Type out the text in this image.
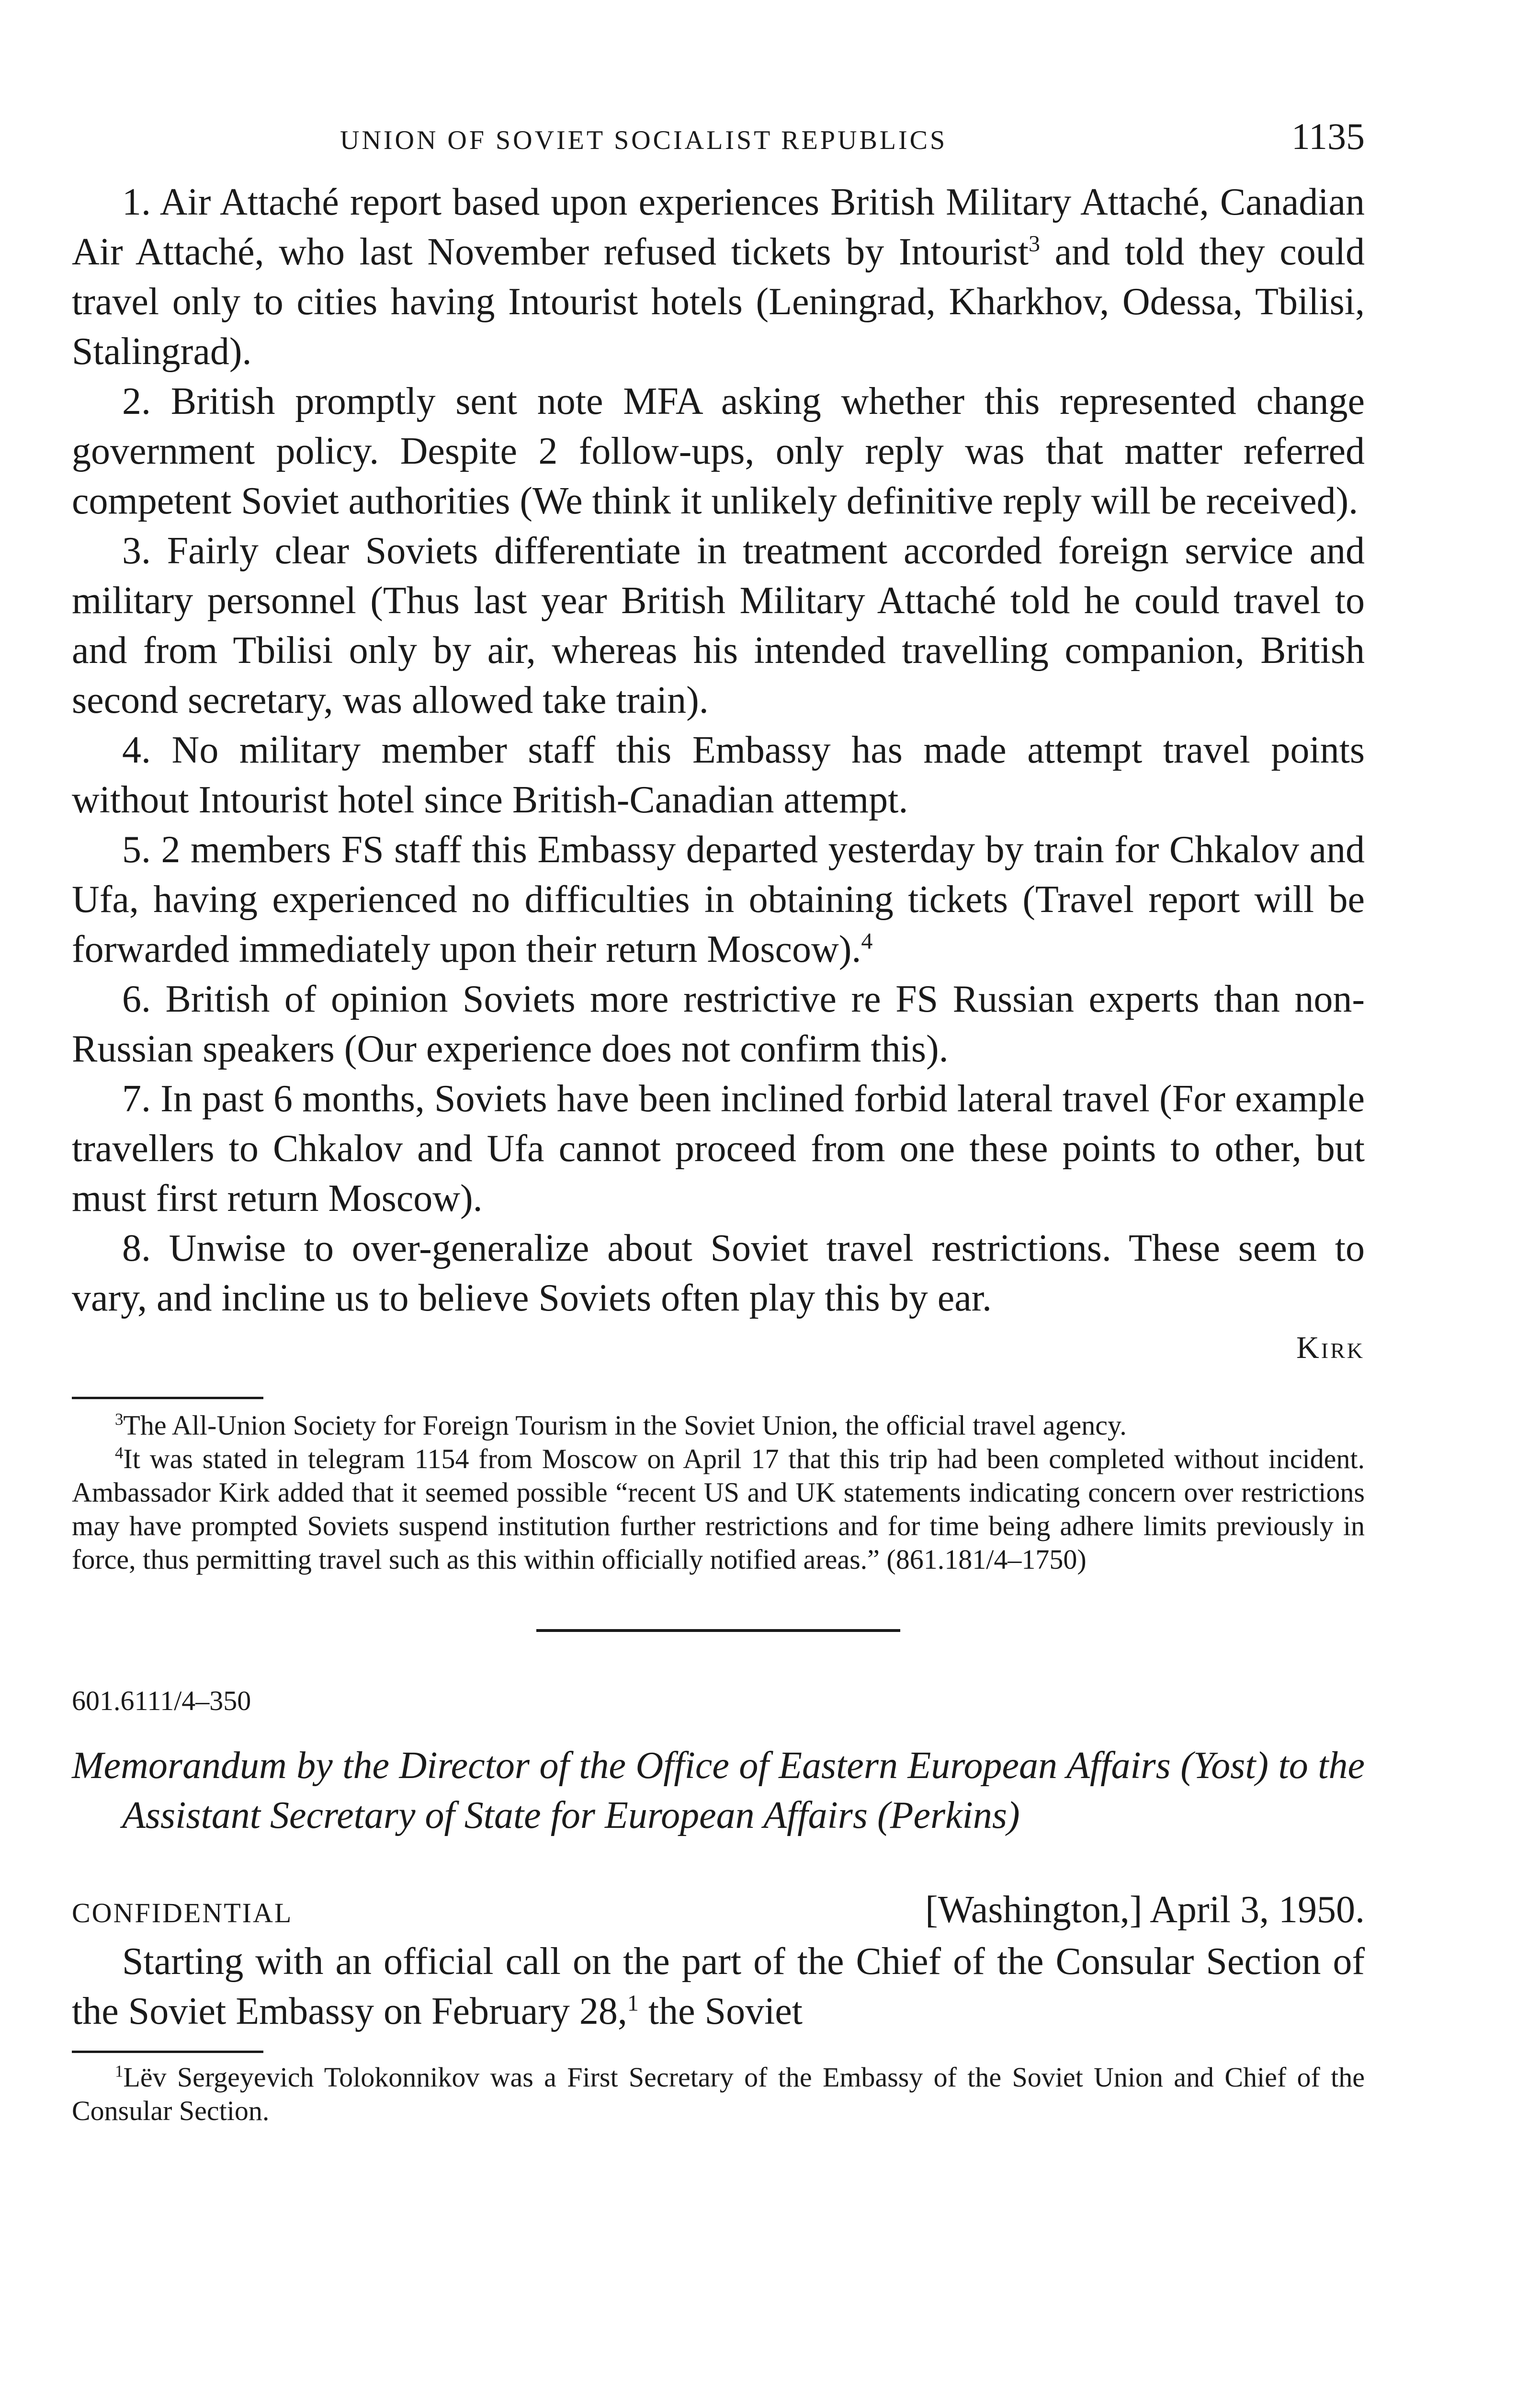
UNION OF SOVIET SOCIALIST REPUBLICS	1135

1. Air Attaché report based upon experiences British Military Attaché, Canadian Air Attaché, who last November refused tickets by Intourist$^3$ and told they could travel only to cities having Intourist hotels (Leningrad, Kharkhov, Odessa, Tbilisi, Stalingrad).

2. British promptly sent note MFA asking whether this represented change government policy. Despite 2 follow-ups, only reply was that matter referred competent Soviet authorities (We think it unlikely definitive reply will be received).

3. Fairly clear Soviets differentiate in treatment accorded foreign service and military personnel (Thus last year British Military Attaché told he could travel to and from Tbilisi only by air, whereas his intended travelling companion, British second secretary, was allowed take train).

4. No military member staff this Embassy has made attempt travel points without Intourist hotel since British-Canadian attempt.

5. 2 members FS staff this Embassy departed yesterday by train for Chkalov and Ufa, having experienced no difficulties in obtaining tickets (Travel report will be forwarded immediately upon their return Moscow).$^4$

6. British of opinion Soviets more restrictive re FS Russian experts than non-Russian speakers (Our experience does not confirm this).

7. In past 6 months, Soviets have been inclined forbid lateral travel (For example travellers to Chkalov and Ufa cannot proceed from one these points to other, but must first return Moscow).

8. Unwise to over-generalize about Soviet travel restrictions. These seem to vary, and incline us to believe Soviets often play this by ear.

Kirk

$^3$The All-Union Society for Foreign Tourism in the Soviet Union, the official travel agency.

$^4$It was stated in telegram 1154 from Moscow on April 17 that this trip had been completed without incident. Ambassador Kirk added that it seemed possible “recent US and UK statements indicating concern over restrictions may have prompted Soviets suspend institution further restrictions and for time being adhere limits previously in force, thus permitting travel such as this within officially notified areas.” (861.181/4–1750)

601.6111/4–350

Memorandum by the Director of the Office of Eastern European Affairs (Yost) to the Assistant Secretary of State for European Affairs (Perkins)

CONFIDENTIAL	[Washington,] April 3, 1950.

Starting with an official call on the part of the Chief of the Consular Section of the Soviet Embassy on February 28,$^1$ the Soviet

$^1$Lëv Sergeyevich Tolokonnikov was a First Secretary of the Embassy of the Soviet Union and Chief of the Consular Section.
